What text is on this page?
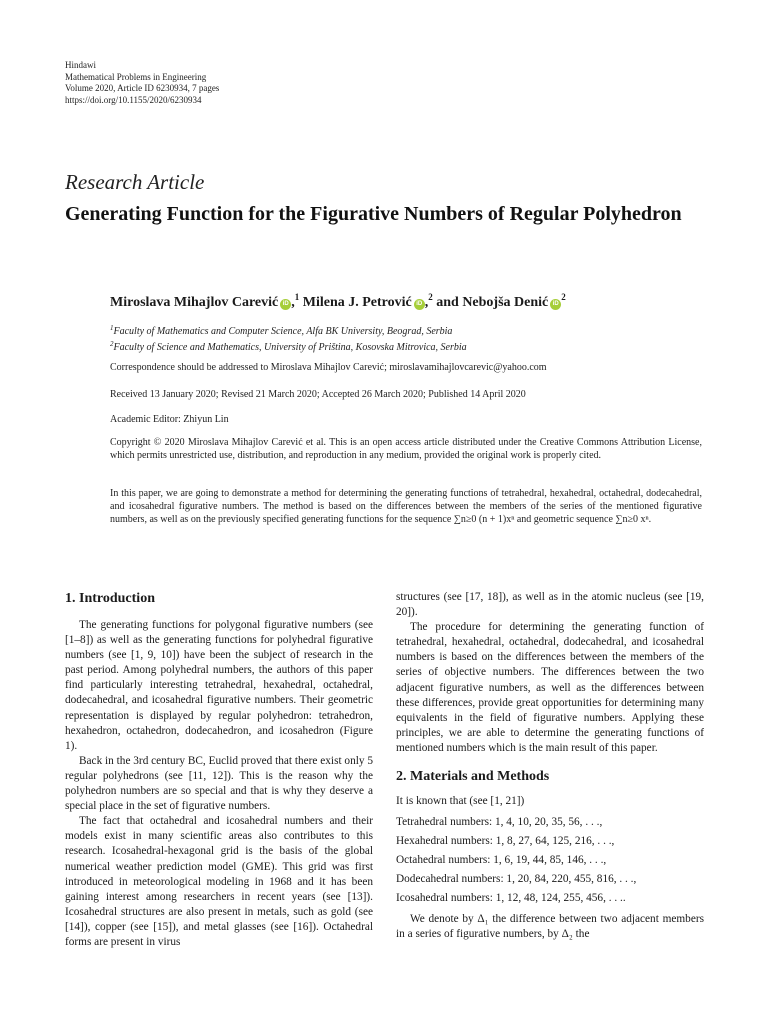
Hindawi
Mathematical Problems in Engineering
Volume 2020, Article ID 6230934, 7 pages
https://doi.org/10.1155/2020/6230934
Research Article
Generating Function for the Figurative Numbers of Regular Polyhedron
Miroslava Mihajlov Carević iD ,$^1$ Milena J. Petrović iD ,$^2$ and Nebojša Denić $iD^2$
$^1$Faculty of Mathematics and Computer Science, Alfa BK University, Beograd, Serbia
$^2$Faculty of Science and Mathematics, University of Priština, Kosovska Mitrovica, Serbia
Correspondence should be addressed to Miroslava Mihajlov Carević; miroslavamihajlovcarevic@yahoo.com
Received 13 January 2020; Revised 21 March 2020; Accepted 26 March 2020; Published 14 April 2020
Academic Editor: Zhiyun Lin
Copyright © 2020 Miroslava Mihajlov Carević et al. This is an open access article distributed under the Creative Commons Attribution License, which permits unrestricted use, distribution, and reproduction in any medium, provided the original work is properly cited.
In this paper, we are going to demonstrate a method for determining the generating functions of tetrahedral, hexahedral, octahedral, dodecahedral, and icosahedral figurative numbers. The method is based on the differences between the members of the series of the mentioned figurative numbers, as well as on the previously specified generating functions for the sequence ∑n≥0 (n + 1)xⁿ and geometric sequence ∑n≥0 xⁿ.

1. Introduction

The generating functions for polygonal figurative numbers (see [1–8]) as well as the generating functions for polyhedral figurative numbers (see [1, 9, 10]) have been the subject of research in the past period. Among polyhedral numbers, the authors of this paper find particularly interesting tetrahedral, hexahedral, octahedral, dodecahedral, and icosahedral figurative numbers. Their geometric representation is displayed by regular polyhedron: tetrahedron, hexahedron, octahedron, dodecahedron, and icosahedron (Figure 1).

Back in the 3rd century BC, Euclid proved that there exist only 5 regular polyhedrons (see [11, 12]). This is the reason why the polyhedron numbers are so special and that is why they deserve a special place in the set of figurative numbers.

The fact that octahedral and icosahedral numbers and their models exist in many scientific areas also contributes to this research. Icosahedral-hexagonal grid is the basis of the global numerical weather prediction model (GME). This grid was first introduced in meteorological modeling in 1968 and it has been gaining interest among researchers in recent years (see [13]). Icosahedral structures are also present in metals, such as gold (see [14]), copper (see [15]), and metal glasses (see [16]). Octahedral forms are present in virus

structures (see [17, 18]), as well as in the atomic nucleus (see [19, 20]).

The procedure for determining the generating function of tetrahedral, hexahedral, octahedral, dodecahedral, and icosahedral numbers is based on the differences between the members of the series of objective numbers. The differences between the two adjacent figurative numbers, as well as the differences between these differences, provide great opportunities for determining many equivalents in the field of figurative numbers. Applying these principles, we are able to determine the generating functions of mentioned numbers which is the main result of this paper.

2. Materials and Methods

It is known that (see [1, 21])

Tetrahedral numbers: 1, 4, 10, 20, 35, 56, . . .,

Hexahedral numbers: 1, 8, 27, 64, 125, 216, . . .,

Octahedral numbers: 1, 6, 19, 44, 85, 146, . . .,

Dodecahedral numbers: 1, 20, 84, 220, 455, 816, . . .,

Icosahedral numbers: 1, 12, 48, 124, 255, 456, . . ..

We denote by Δ₁ the difference between two adjacent members in a series of figurative numbers, by Δ₂ the
